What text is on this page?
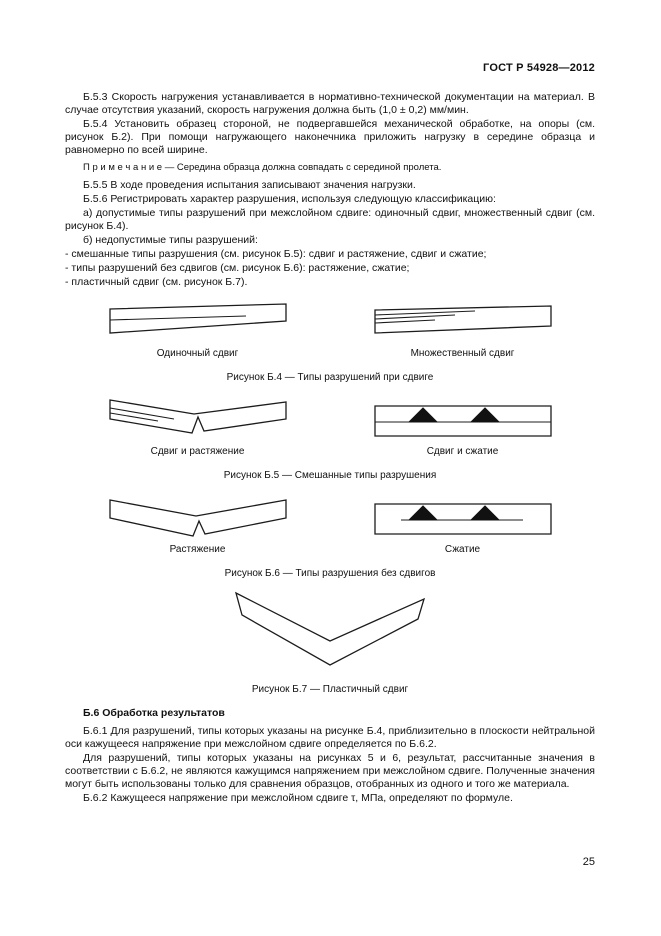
ГОСТ Р 54928—2012

Б.5.3 Скорость нагружения устанавливается в нормативно-технической документации на материал. В случае отсутствия указаний, скорость нагружения должна быть (1,0 ± 0,2) мм/мин.

Б.5.4 Установить образец стороной, не подвергавшейся механической обработке, на опоры (см. рисунок Б.2). При помощи нагружающего наконечника приложить нагрузку в середине образца и равномерно по всей ширине.

П р и м е ч а н и е — Середина образца должна совпадать с серединой пролета.

Б.5.5 В ходе проведения испытания записывают значения нагрузки.

Б.5.6 Регистрировать характер разрушения, используя следующую классификацию:

а) допустимые типы разрушений при межслойном сдвиге: одиночный сдвиг, множественный сдвиг (см. рисунок Б.4).

б) недопустимые типы разрушений:

- смешанные типы разрушения (см. рисунок Б.5): сдвиг и растяжение, сдвиг и сжатие;

- типы разрушений без сдвигов (см. рисунок Б.6): растяжение, сжатие;

- пластичный сдвиг (см. рисунок Б.7).

Одиночный сдвиг	Множественный сдвиг
Рисунок Б.4 — Типы разрушений при сдвиге
Сдвиг и растяжение	Сдвиг и сжатие
Рисунок Б.5 — Смешанные типы разрушения
Растяжение	Сжатие
Рисунок Б.6 — Типы разрушения без сдвигов
Рисунок Б.7 — Пластичный сдвиг
Б.6 Обработка результатов

Б.6.1 Для разрушений, типы которых указаны на рисунке Б.4, приблизительно в плоскости нейтральной оси кажущееся напряжение при межслойном сдвиге определяется по Б.6.2.

Для разрушений, типы которых указаны на рисунках 5 и 6, результат, рассчитанные значения в соответствии с Б.6.2, не являются кажущимся напряжением при межслойном сдвиге. Полученные значения могут быть использованы только для сравнения образцов, отобранных из одного и того же материала.

Б.6.2 Кажущееся напряжение при межслойном сдвиге τ, МПа, определяют по формуле.

25
